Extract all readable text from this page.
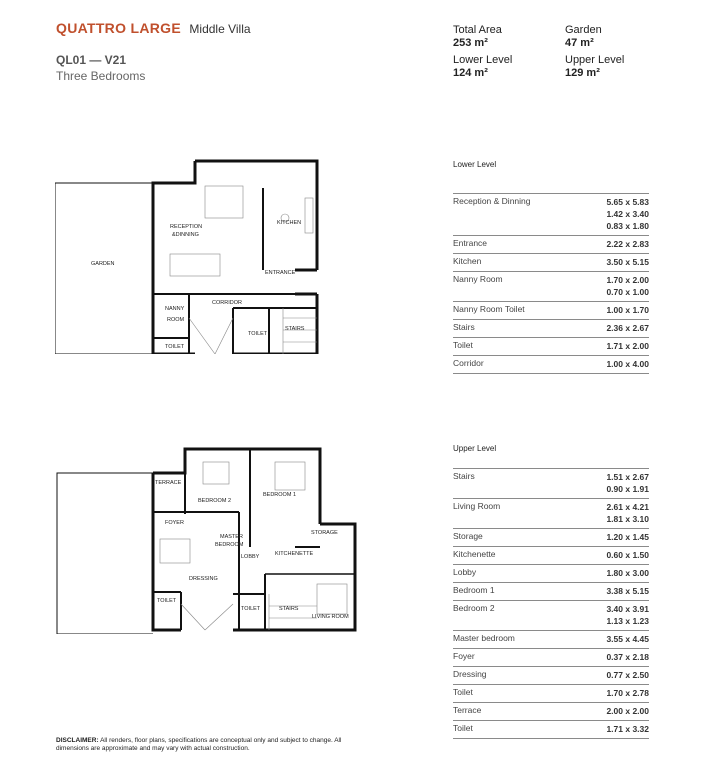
QUATTRO LARGE Middle Villa
QL01 — V21
Three Bedrooms
Total Area
253 m²
Garden
47 m²
Lower Level
124 m²
Upper Level
129 m²
Lower Level
Reception & Dinning	5.65 x 5.83
1.42 x 3.40
0.83 x 1.80
Entrance	2.22 x 2.83
Kitchen	3.50 x 5.15
Nanny Room	1.70 x 2.00
0.70 x 1.00
Nanny Room Toilet	1.00 x 1.70
Stairs	2.36 x 2.67
Toilet	1.71 x 2.00
Corridor	1.00 x 4.00
Upper Level
Stairs	1.51 x 2.67
0.90 x 1.91
Living Room	2.61 x 4.21
1.81 x 3.10
Storage	1.20 x 1.45
Kitchenette	0.60 x 1.50
Lobby	1.80 x 3.00
Bedroom 1	3.38 x 5.15
Bedroom 2	3.40 x 3.91
1.13 x 1.23
Master bedroom	3.55 x 4.45
Foyer	0.37 x 2.18
Dressing	0.77 x 2.50
Toilet	1.70 x 2.78
Terrace	2.00 x 2.00
Toilet	1.71 x 3.32
GARDEN
RECEPTION
&DINNING
KITCHEN
ENTRANCE
CORRIDOR
NANNY
ROOM
TOILET
TOILET
STAIRS
TERRACE
BEDROOM 2
BEDROOM 1
FOYER
MASTER
BEDROOM
STORAGE
KITCHENETTE
LOBBY
DRESSING
TOILET
TOILET	STAIRS
LIVING ROOM
DISCLAIMER: All renders, floor plans, specifications are conceptual only and subject to change. All dimensions are approximate and may vary with actual construction.
